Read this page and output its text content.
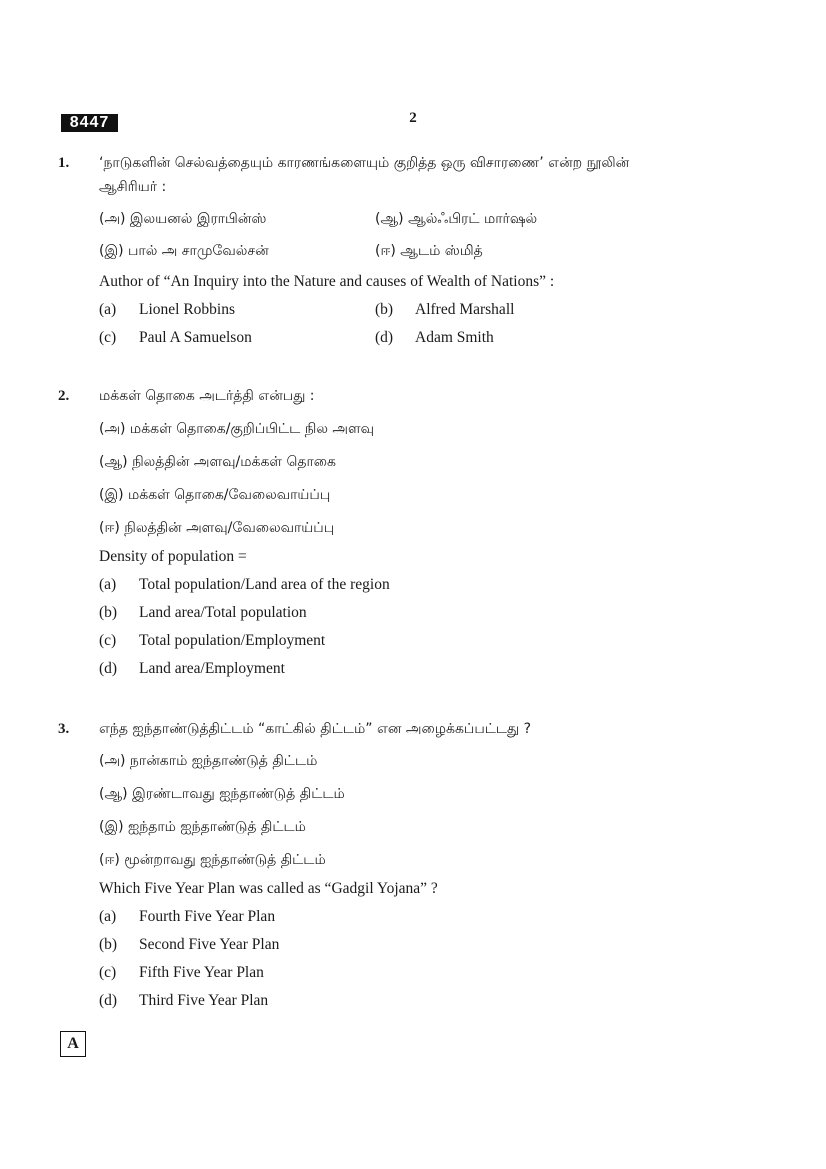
8447	2
1. ‘நாடுகளின் செல்வத்தையும் காரணங்களையும் குறித்த ஒரு விசாரணை’ என்ற நூலின்
ஆசிரியர் :
(அ) இலயனல் இராபின்ஸ்	(ஆ) ஆல்ஃபிரட் மார்ஷல்
(இ) பால் அ சாமுவேல்சன்	(ஈ) ஆடம் ஸ்மித்
Author of “An Inquiry into the Nature and causes of Wealth of Nations” :
(a) Lionel Robbins	(b) Alfred Marshall
(c) Paul A Samuelson	(d) Adam Smith
2. மக்கள் தொகை அடர்த்தி என்பது :
(அ) மக்கள் தொகை/குறிப்பிட்ட நில அளவு
(ஆ) நிலத்தின் அளவு/மக்கள் தொகை
(இ) மக்கள் தொகை/வேலைவாய்ப்பு
(ஈ) நிலத்தின் அளவு/வேலைவாய்ப்பு
Density of population =
(a) Total population/Land area of the region
(b) Land area/Total population
(c) Total population/Employment
(d) Land area/Employment
3. எந்த ஐந்தாண்டுத்திட்டம் “காட்கில் திட்டம்” என அழைக்கப்பட்டது ?
(அ) நான்காம் ஐந்தாண்டுத் திட்டம்
(ஆ) இரண்டாவது ஐந்தாண்டுத் திட்டம்
(இ) ஐந்தாம் ஐந்தாண்டுத் திட்டம்
(ஈ) மூன்றாவது ஐந்தாண்டுத் திட்டம்
Which Five Year Plan was called as “Gadgil Yojana” ?
(a) Fourth Five Year Plan
(b) Second Five Year Plan
(c) Fifth Five Year Plan
(d) Third Five Year Plan
A
